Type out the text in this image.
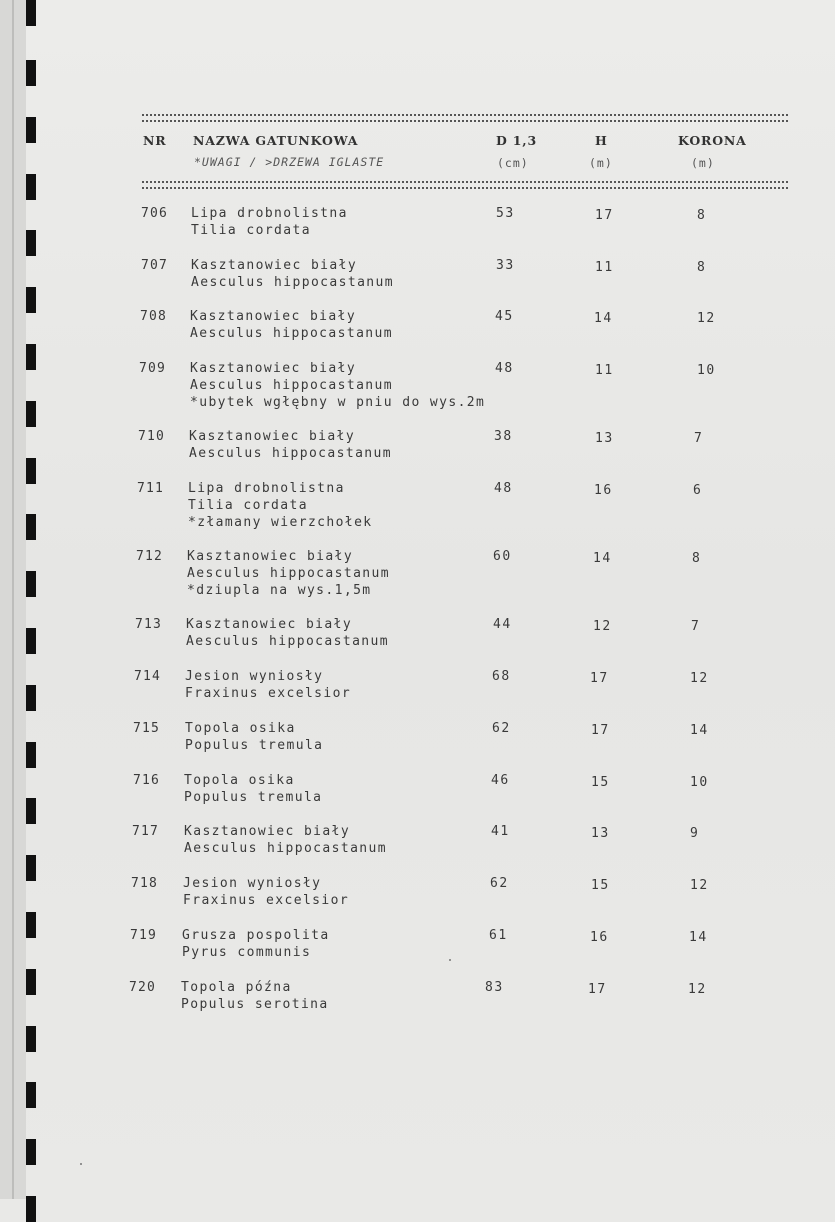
NR NAZWA GATUNKOWA	D 1,3	H	KORONA
*UWAGI / >DRZEWA IGLASTE	(cm)	(m)	(m)
706 Lipa drobnolistna
Tilia cordata
53	17	8
707 Kasztanowiec biały
Aesculus hippocastanum
33	11	8
708 Kasztanowiec biały
Aesculus hippocastanum
45	14	12
709 Kasztanowiec biały
Aesculus hippocastanum
*ubytek wgłębny w pniu do wys.2m
48	11	10
710 Kasztanowiec biały
Aesculus hippocastanum
38	13	7
711 Lipa drobnolistna
Tilia cordata
*złamany wierzchołek
48	16	6
712 Kasztanowiec biały
Aesculus hippocastanum
*dziupla na wys.1,5m
60	14	8
713 Kasztanowiec biały
Aesculus hippocastanum
44	12	7
714 Jesion wyniosły
Fraxinus excelsior
68	17	12
715 Topola osika
Populus tremula
62	17	14
716 Topola osika
Populus tremula
46	15	10
717 Kasztanowiec biały
Aesculus hippocastanum
41	13	9
718 Jesion wyniosły
Fraxinus excelsior
62	15	12
719 Grusza pospolita
Pyrus communis
61	16	14
720 Topola późna
Populus serotina
83	17	12
